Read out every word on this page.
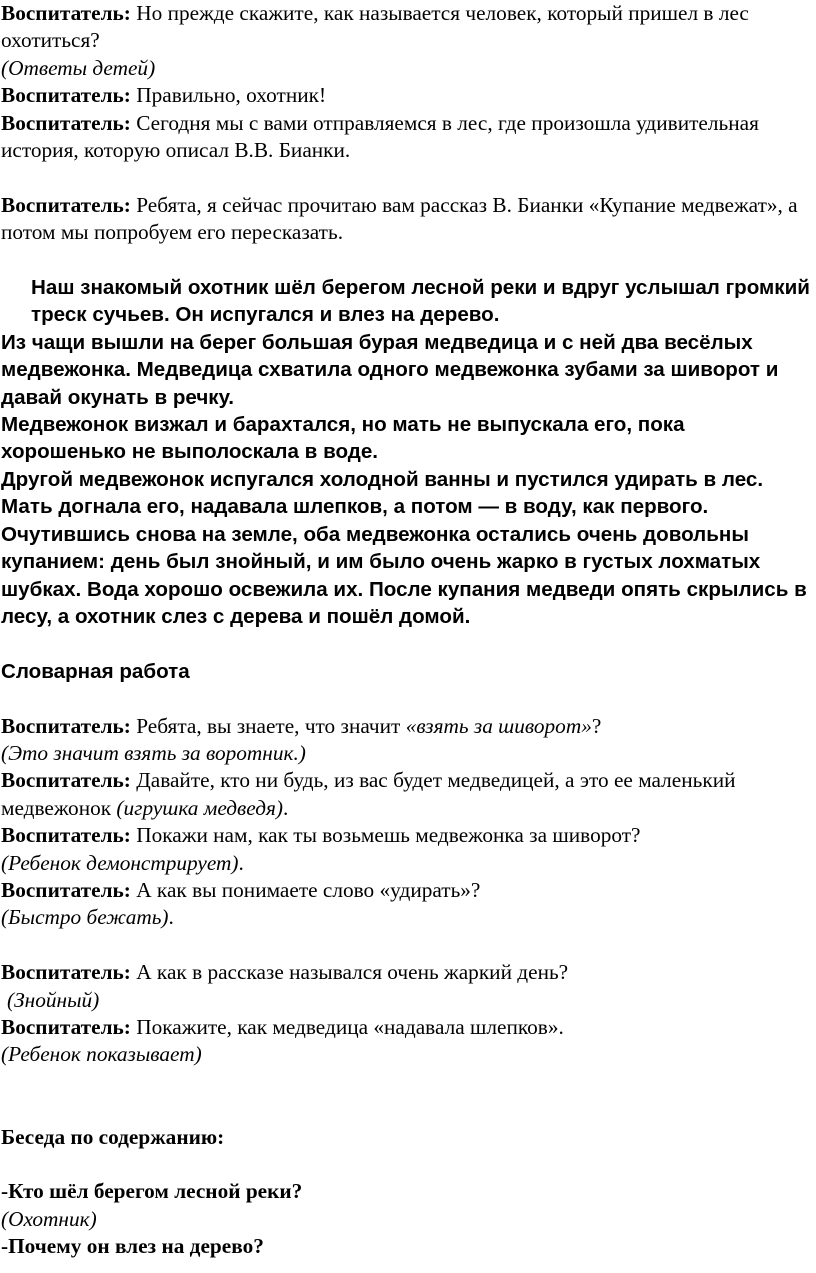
Воспитатель: Но прежде скажите, как называется человек, который пришел в лес охотиться?

(Ответы детей)

Воспитатель: Правильно, охотник!

Воспитатель: Сегодня мы с вами отправляемся в лес, где произошла удивительная история, которую описал В.В. Бианки.

Воспитатель: Ребята, я сейчас прочитаю вам рассказ В. Бианки «Купание медвежат», а потом мы попробуем его пересказать.

Наш знакомый охотник шёл берегом лесной реки и вдруг услышал громкий треск сучьев. Он испугался и влез на дерево.

Из чащи вышли на берег большая бурая медведица и с ней два весёлых медвежонка. Медведица схватила одного медвежонка зубами за шиворот и давай окунать в речку.

Медвежонок визжал и барахтался, но мать не выпускала его, пока хорошенько не выполоскала в воде.

Другой медвежонок испугался холодной ванны и пустился удирать в лес.

Мать догнала его, надавала шлепков, а потом — в воду, как первого.

Очутившись снова на земле, оба медвежонка остались очень довольны купанием: день был знойный, и им было очень жарко в густых лохматых шубках. Вода хорошо освежила их. После купания медведи опять скрылись в лесу, а охотник слез с дерева и пошёл домой.

Словарная работа

Воспитатель: Ребята, вы знаете, что значит «взять за шиворот»?

(Это значит взять за воротник.)

Воспитатель: Давайте, кто ни будь, из вас будет медведицей, а это ее маленький медвежонок (игрушка медведя).

Воспитатель: Покажи нам, как ты возьмешь медвежонка за шиворот?

(Ребенок демонстрирует).

Воспитатель: А как вы понимаете слово «удирать»?

(Быстро бежать).

Воспитатель: А как в рассказе назывался очень жаркий день?

(Знойный)

Воспитатель: Покажите, как медведица «надавала шлепков».

(Ребенок показывает)

Беседа по содержанию:

-Кто шёл берегом лесной реки?

(Охотник)

-Почему он влез на дерево?
